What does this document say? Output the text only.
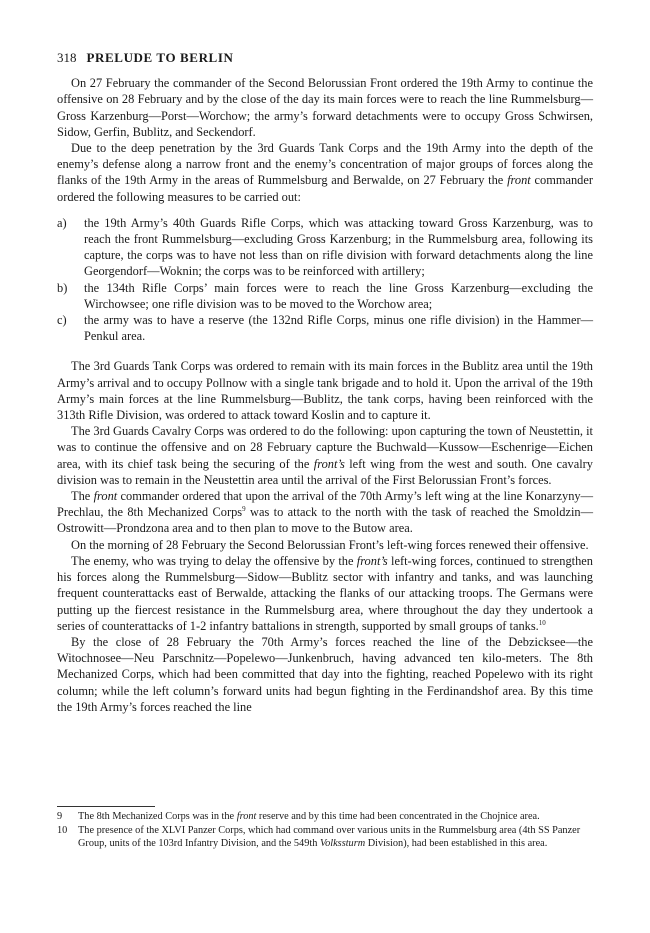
318 PRELUDE TO BERLIN

On 27 February the commander of the Second Belorussian Front ordered the 19th Army to continue the offensive on 28 February and by the close of the day its main forces were to reach the line Rummelsburg—Gross Karzenburg—Porst—Worchow; the army’s forward detachments were to occupy Gross Schwirsen, Sidow, Gerfin, Bublitz, and Seckendorf.

Due to the deep penetration by the 3rd Guards Tank Corps and the 19th Army into the depth of the enemy’s defense along a narrow front and the enemy’s concentration of major groups of forces along the flanks of the 19th Army in the areas of Rummelsburg and Berwalde, on 27 February the front commander ordered the following measures to be carried out:

a)	the 19th Army’s 40th Guards Rifle Corps, which was attacking toward Gross Karzenburg, was to reach the front Rummelsburg—excluding Gross Karzenburg; in the Rummelsburg area, following its capture, the corps was to have not less than on rifle division with forward detachments along the line Georgendorf—Woknin; the corps was to be reinforced with artillery;
b)	the 134th Rifle Corps’ main forces were to reach the line Gross Karzenburg—excluding the Wirchowsee; one rifle division was to be moved to the Worchow area;
c)	the army was to have a reserve (the 132nd Rifle Corps, minus one rifle division) in the Hammer—Penkul area.

The 3rd Guards Tank Corps was ordered to remain with its main forces in the Bublitz area until the 19th Army’s arrival and to occupy Pollnow with a single tank brigade and to hold it. Upon the arrival of the 19th Army’s main forces at the line Rummelsburg—Bublitz, the tank corps, having been reinforced with the 313th Rifle Division, was ordered to attack toward Koslin and to capture it.

The 3rd Guards Cavalry Corps was ordered to do the following: upon capturing the town of Neustettin, it was to continue the offensive and on 28 February capture the Buchwald—Kussow—Eschenrige—Eichen area, with its chief task being the securing of the front’s left wing from the west and south. One cavalry division was to remain in the Neustettin area until the arrival of the First Belorussian Front’s forces.

The front commander ordered that upon the arrival of the 70th Army’s left wing at the line Konarzyny—Prechlau, the 8th Mechanized Corps$^9$ was to attack to the north with the task of reached the Smoldzin—Ostrowitt—Prondzona area and to then plan to move to the Butow area.

On the morning of 28 February the Second Belorussian Front’s left-wing forces renewed their offensive.

The enemy, who was trying to delay the offensive by the front’s left-wing forces, continued to strengthen his forces along the Rummelsburg—Sidow—Bublitz sector with infantry and tanks, and was launching frequent counterattacks east of Berwalde, attacking the flanks of our attacking troops. The Germans were putting up the fiercest resistance in the Rummelsburg area, where throughout the day they undertook a series of counterattacks of 1-2 infantry battalions in strength, supported by small groups of tanks.$^{10}$

By the close of 28 February the 70th Army’s forces reached the line of the Debzicksee—the Witochnosee—Neu Parschnitz—Popelewo—Junkenbruch, having advanced ten kilo-meters. The 8th Mechanized Corps, which had been committed that day into the fighting, reached Popelewo with its right column; while the left column’s forward units had begun fighting in the Ferdinandshof area. By this time the 19th Army’s forces reached the line

9	The 8th Mechanized Corps was in the front reserve and by this time had been concentrated in the Chojnice area.
10	The presence of the XLVI Panzer Corps, which had command over various units in the Rummelsburg area (4th SS Panzer Group, units of the 103rd Infantry Division, and the 549th Volkssturm Division), had been established in this area.
